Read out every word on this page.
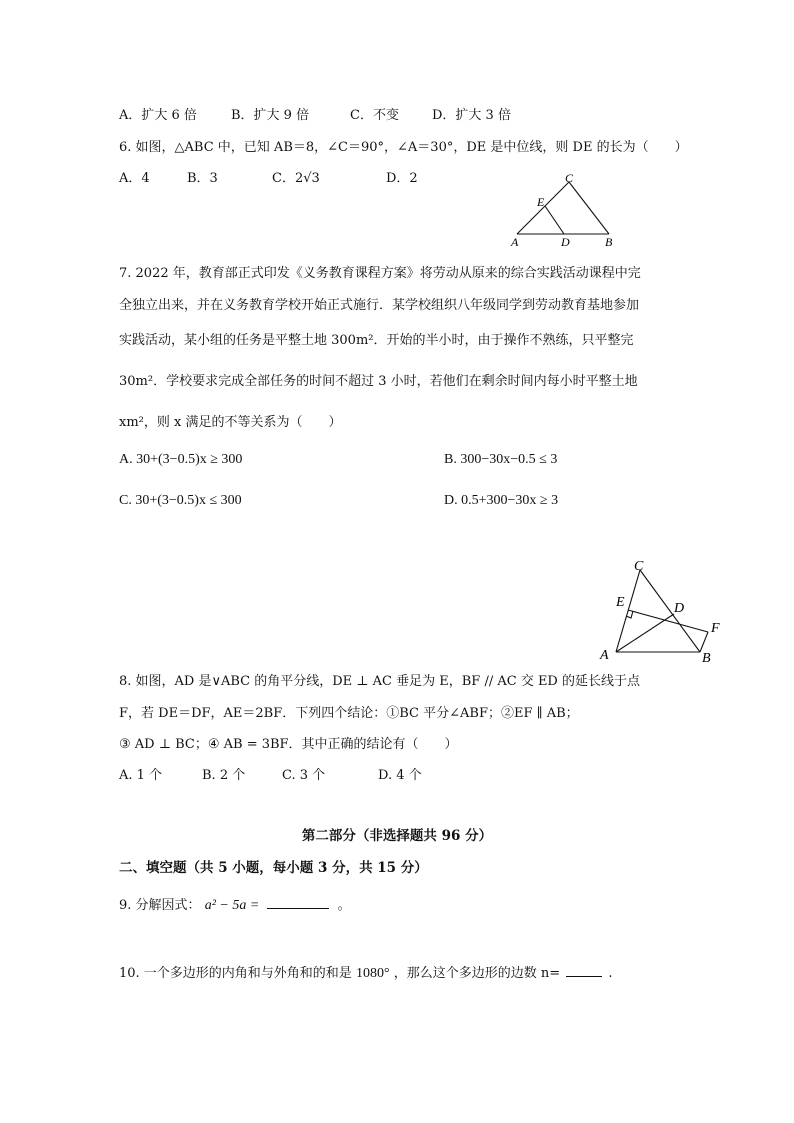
A．扩大 6 倍	B．扩大 9 倍	C．不变	D．扩大 3 倍
6. 如图，△ABC 中，已知 AB＝8，∠C＝90°，∠A＝30°，DE 是中位线，则 DE 的长为（　　）
A．4	B．3	C．2√3	D．2	C
E
A	D	B
7. 2022 年，教育部正式印发《义务教育课程方案》将劳动从原来的综合实践活动课程中完
全独立出来，并在义务教育学校开始正式施行．某学校组织八年级同学到劳动教育基地参加
实践活动，某小组的任务是平整土地 300m²．开始的半小时，由于操作不熟练，只平整完
30m²．学校要求完成全部任务的时间不超过 3 小时，若他们在剩余时间内每小时平整土地
xm²，则 x 满足的不等关系为（　　）
A. 30+(3−0.5)x ≥ 300	B. 300−30x−0.5 ≤ 3
C. 30+(3−0.5)x ≤ 300	D. 0.5+300−30x ≥ 3
C
E	D
F
A	B
8. 如图，AD 是∨ABC 的角平分线，DE ⊥ AC 垂足为 E，BF // AC 交 ED 的延长线于点
F，若 DE＝DF，AE＝2BF．下列四个结论：①BC 平分∠ABF；②EF ∥ AB；
③ AD ⊥ BC；④ AB = 3BF．其中正确的结论有（　　）
A. 1 个	B. 2 个	C. 3 个	D. 4 个
第二部分（非选择题共 96 分）
二、填空题（共 5 小题，每小题 3 分，共 15 分）
9. 分解因式： a² − 5a =	。
10. 一个多边形的内角和与外角和的和是 1080° ，那么这个多边形的边数 n=	.
